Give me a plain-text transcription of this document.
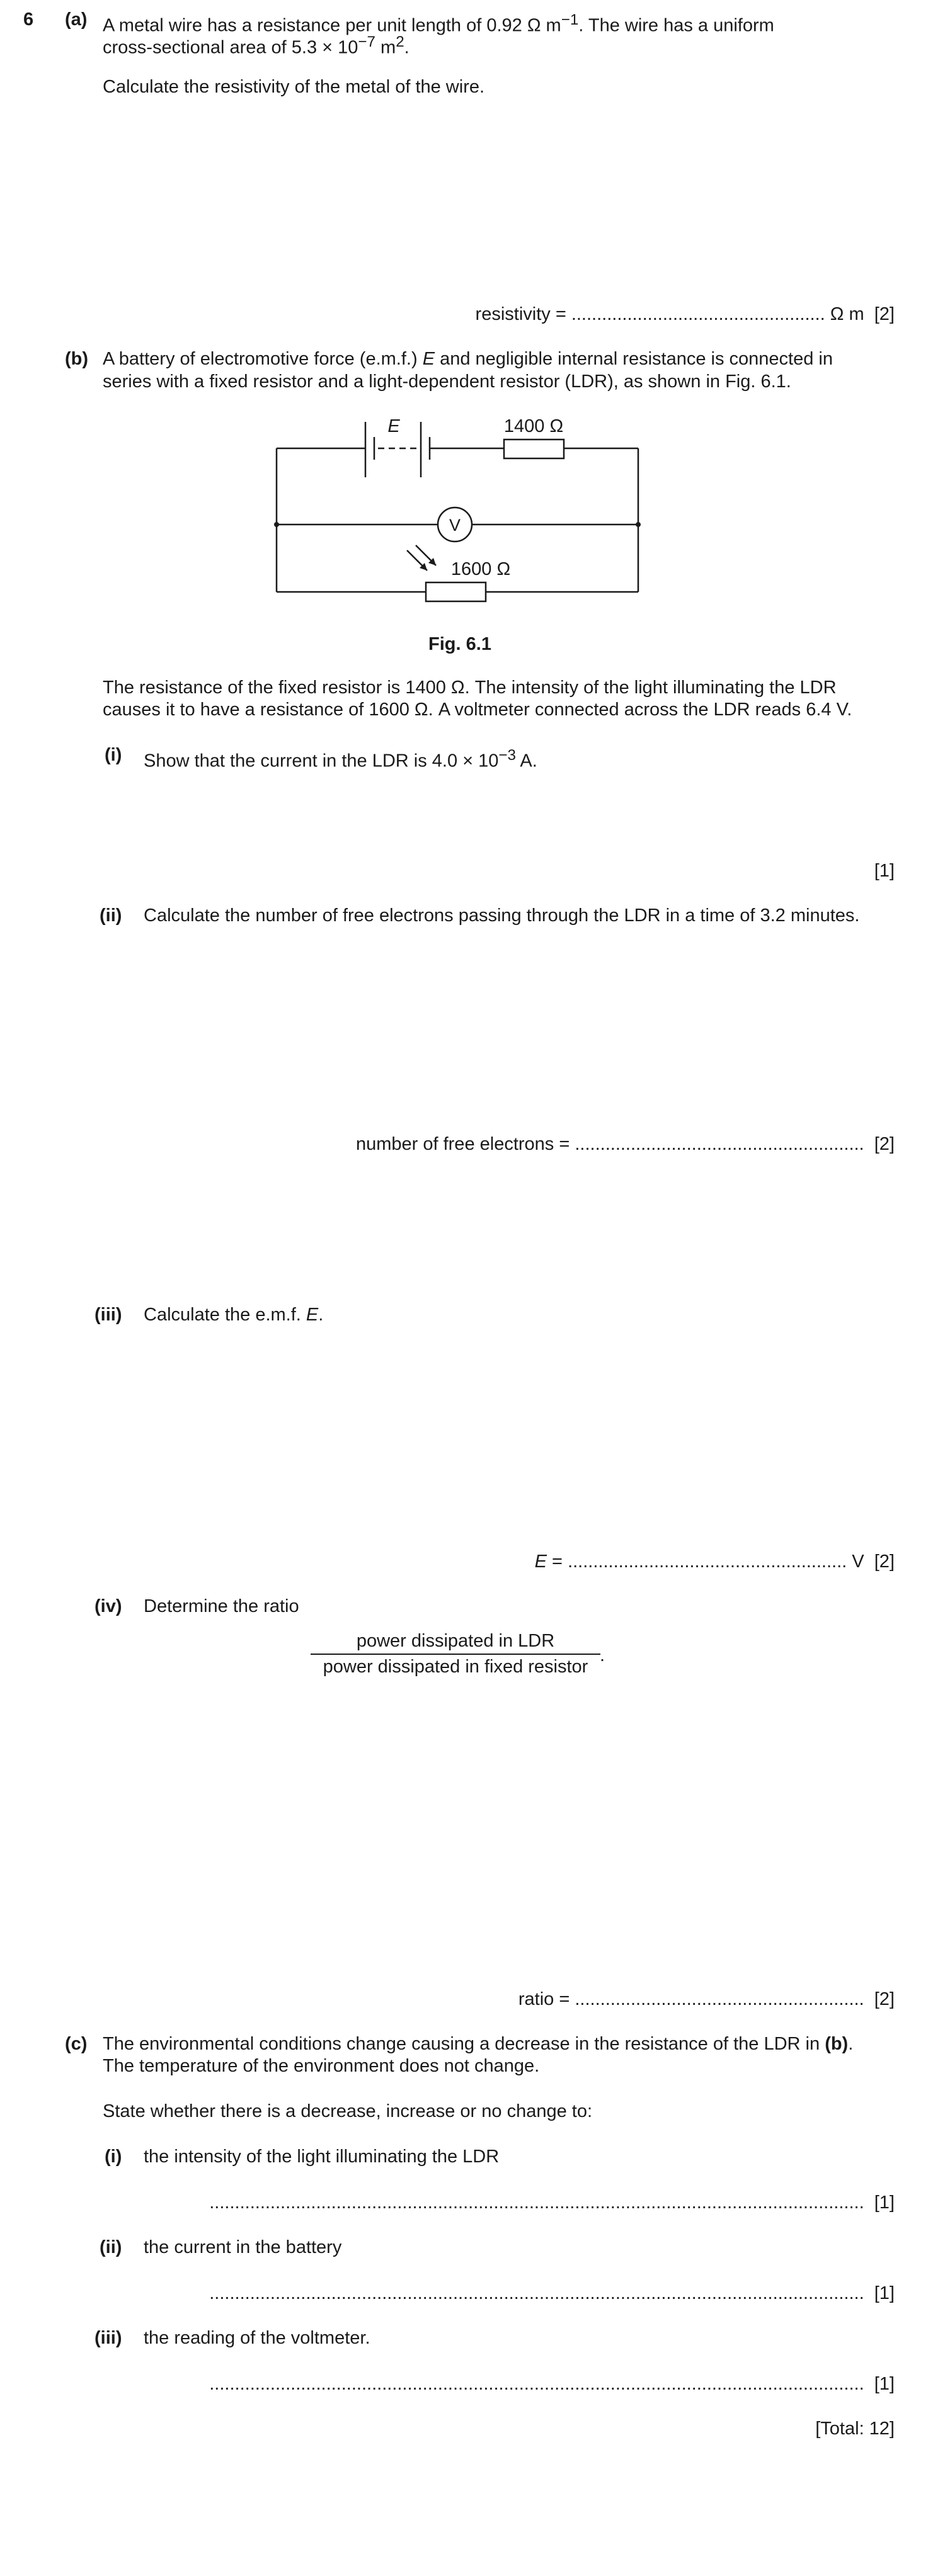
6 (a) A metal wire has a resistance per unit length of 0.92 Ω $m^{-1}$. The wire has a uniform
cross-sectional area of $5.3 \times 10^{-7}$ $m^2$.
Calculate the resistivity of the metal of the wire.
resistivity = .................................................. Ω m [2]
(b) A battery of electromotive force (e.m.f.) E and negligible internal resistance is connected in
series with a fixed resistor and a light-dependent resistor (LDR), as shown in Fig. 6.1.
E	1400 Ω
V
1600 Ω
Fig. 6.1
The resistance of the fixed resistor is 1400 Ω. The intensity of the light illuminating the LDR
causes it to have a resistance of 1600 Ω. A voltmeter connected across the LDR reads 6.4 V.
(i) Show that the current in the LDR is $4.0 \times 10^{-3}$ A.
[1]
(ii) Calculate the number of free electrons passing through the LDR in a time of 3.2 minutes.
number of free electrons = ......................................................... [2]
(iii) Calculate the e.m.f. E.
E = ....................................................... V [2]
(iv) Determine the ratio
power dissipated in LDR
power dissipated in fixed resistor
.
ratio = ......................................................... [2]
(c) The environmental conditions change causing a decrease in the resistance of the LDR in (b).
The temperature of the environment does not change.
State whether there is a decrease, increase or no change to:
(i) the intensity of the light illuminating the LDR
................................................................................................................................. [1]
(ii) the current in the battery
................................................................................................................................. [1]
(iii) the reading of the voltmeter.
................................................................................................................................. [1]
[Total: 12]
